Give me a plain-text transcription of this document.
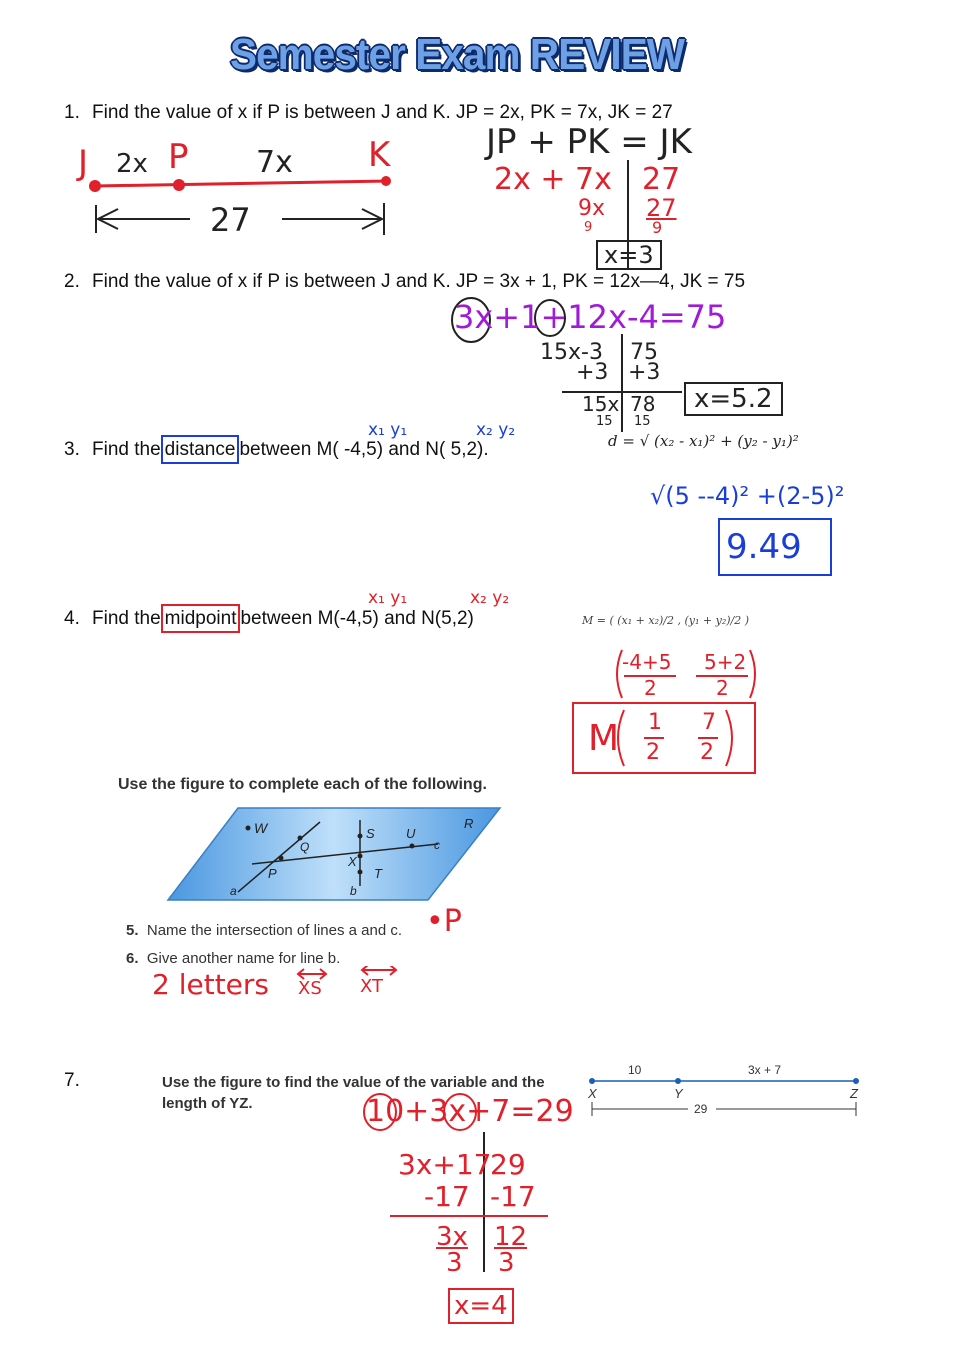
Semester Exam REVIEW
1. Find the value of x if P is between J and K. JP = 2x, PK = 7x, JK = 27
J 2x P 7x K
27
JP + PK = JK
2x + 7x 27
9x 27
9	9
x=3
2. Find the value of x if P is between J and K. JP = 3x + 1, PK = 12x—4, JK = 75
3x+1+12x-4=75
15x-3 75
+3 +3
15x 78
15 15
x=5.2
x₁ y₁	x₂ y₂
3. Find the distance between M( -4,5) and N( 5,2).	d = √ (x₂ - x₁)² + (y₂ - y₁)²
√(5 --4)² +(2-5)²
9.49
x₁ y₁	x₂ y₂
4. Find the midpoint between M(-4,5) and N(5,2)	M = ( (x₁ + x₂)/2 , (y₁ + y₂)/2 )
-4+5
2
5+2
2
M 1
2
7
2
Use the figure to complete each of the following.
W
Q
S U
R
c
X
P	T
a	b
5. Name the intersection of lines a and c. •P
6. Give another name for line b.
2 letters XS XT
7.	Use the figure to find the value of the variable and the length of YZ.
10	3x + 7
X	Y	Z
29
10+3x+7=29
3x+17
29
-17 -17
3x 12
3 3
x=4
